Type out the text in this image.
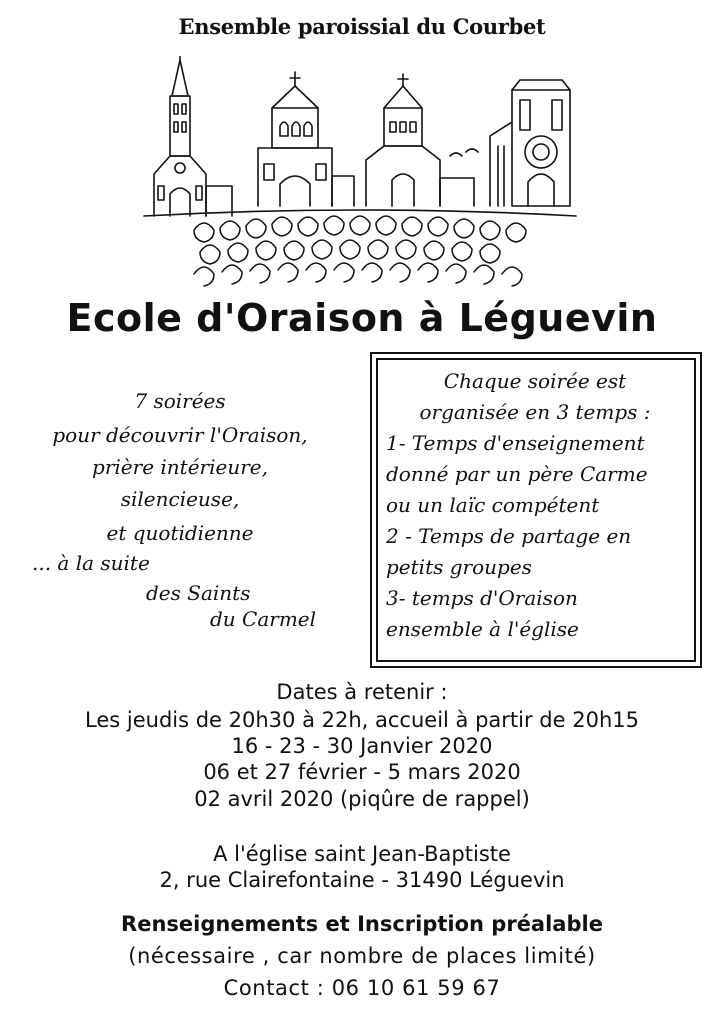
Ensemble paroissial du Courbet
Ecole d'Oraison à Léguevin
7 soirées
pour découvrir l'Oraison,
prière intérieure,
silencieuse,
et quotidienne
... à la suite
des Saints
du Carmel
Chaque soirée est
organisée en 3 temps :
1- Temps d'enseignement
donné par un père Carme
ou un laïc compétent
2 - Temps de partage en
petits groupes
3- temps d'Oraison
ensemble à l'église
Dates à retenir :
Les jeudis de 20h30 à 22h, accueil à partir de 20h15
16 - 23 - 30 Janvier 2020
06 et 27 février - 5 mars 2020
02 avril 2020 (piqûre de rappel)
A l'église saint Jean-Baptiste
2, rue Clairefontaine - 31490 Léguevin
Renseignements et Inscription préalable
(nécessaire , car nombre de places limité)
Contact : 06 10 61 59 67
